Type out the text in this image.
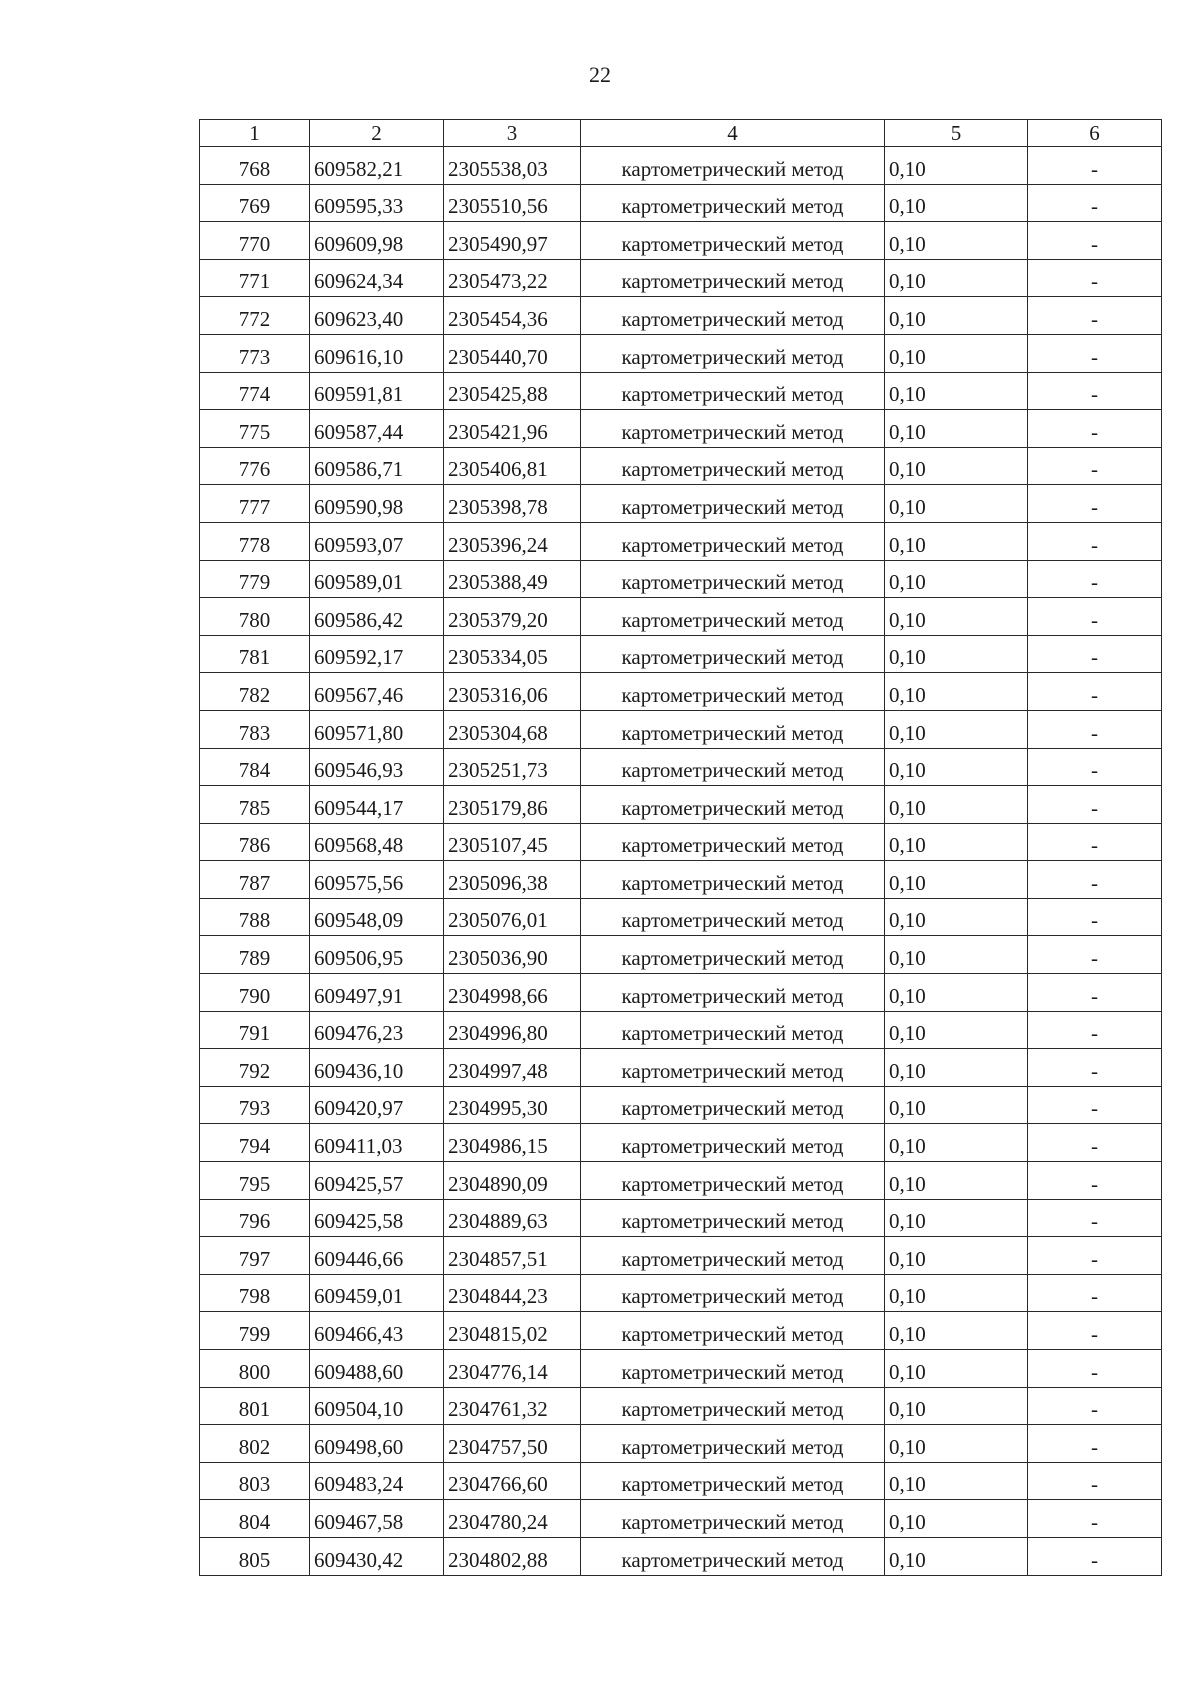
22
1	2	3	4	5	6
768	609582,21	2305538,03	картометрический метод	0,10	-
769	609595,33	2305510,56	картометрический метод	0,10	-
770	609609,98	2305490,97	картометрический метод	0,10	-
771	609624,34	2305473,22	картометрический метод	0,10	-
772	609623,40	2305454,36	картометрический метод	0,10	-
773	609616,10	2305440,70	картометрический метод	0,10	-
774	609591,81	2305425,88	картометрический метод	0,10	-
775	609587,44	2305421,96	картометрический метод	0,10	-
776	609586,71	2305406,81	картометрический метод	0,10	-
777	609590,98	2305398,78	картометрический метод	0,10	-
778	609593,07	2305396,24	картометрический метод	0,10	-
779	609589,01	2305388,49	картометрический метод	0,10	-
780	609586,42	2305379,20	картометрический метод	0,10	-
781	609592,17	2305334,05	картометрический метод	0,10	-
782	609567,46	2305316,06	картометрический метод	0,10	-
783	609571,80	2305304,68	картометрический метод	0,10	-
784	609546,93	2305251,73	картометрический метод	0,10	-
785	609544,17	2305179,86	картометрический метод	0,10	-
786	609568,48	2305107,45	картометрический метод	0,10	-
787	609575,56	2305096,38	картометрический метод	0,10	-
788	609548,09	2305076,01	картометрический метод	0,10	-
789	609506,95	2305036,90	картометрический метод	0,10	-
790	609497,91	2304998,66	картометрический метод	0,10	-
791	609476,23	2304996,80	картометрический метод	0,10	-
792	609436,10	2304997,48	картометрический метод	0,10	-
793	609420,97	2304995,30	картометрический метод	0,10	-
794	609411,03	2304986,15	картометрический метод	0,10	-
795	609425,57	2304890,09	картометрический метод	0,10	-
796	609425,58	2304889,63	картометрический метод	0,10	-
797	609446,66	2304857,51	картометрический метод	0,10	-
798	609459,01	2304844,23	картометрический метод	0,10	-
799	609466,43	2304815,02	картометрический метод	0,10	-
800	609488,60	2304776,14	картометрический метод	0,10	-
801	609504,10	2304761,32	картометрический метод	0,10	-
802	609498,60	2304757,50	картометрический метод	0,10	-
803	609483,24	2304766,60	картометрический метод	0,10	-
804	609467,58	2304780,24	картометрический метод	0,10	-
805	609430,42	2304802,88	картометрический метод	0,10	-
